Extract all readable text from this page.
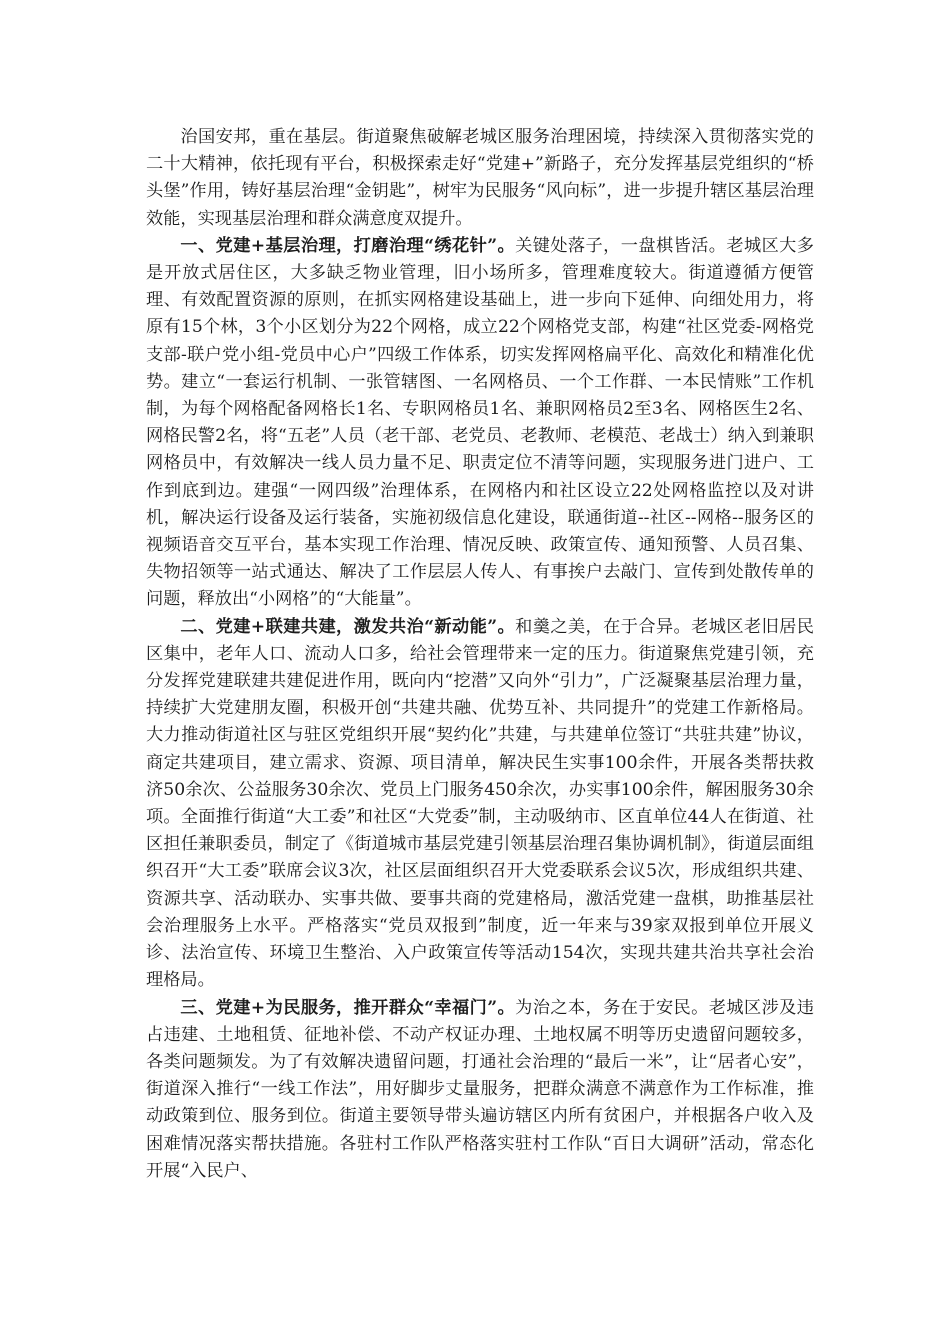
治国安邦，重在基层。街道聚焦破解老城区服务治理困境，持续深入贯彻落实党的二十大精神，依托现有平台，积极探索走好“党建+”新路子，充分发挥基层党组织的“桥头堡”作用，铸好基层治理“金钥匙”，树牢为民服务“风向标”，进一步提升辖区基层治理效能，实现基层治理和群众满意度双提升。

一、党建+基层治理，打磨治理“绣花针”。关键处落子，一盘棋皆活。老城区大多是开放式居住区，大多缺乏物业管理，旧小场所多，管理难度较大。街道遵循方便管理、有效配置资源的原则，在抓实网格建设基础上，进一步向下延伸、向细处用力，将原有15个林，3个小区划分为22个网格，成立22个网格党支部，构建“社区党委-网格党支部-联户党小组-党员中心户”四级工作体系，切实发挥网格扁平化、高效化和精准化优势。建立“一套运行机制、一张管辖图、一名网格员、一个工作群、一本民情账”工作机制，为每个网格配备网格长1名、专职网格员1名、兼职网格员2至3名、网格医生2名、网格民警2名，将“五老”人员（老干部、老党员、老教师、老模范、老战士）纳入到兼职网格员中，有效解决一线人员力量不足、职责定位不清等问题，实现服务进门进户、工作到底到边。建强“一网四级”治理体系，在网格内和社区设立22处网格监控以及对讲机，解决运行设备及运行装备，实施初级信息化建设，联通街道--社区--网格--服务区的视频语音交互平台，基本实现工作治理、情况反映、政策宣传、通知预警、人员召集、失物招领等一站式通达、解决了工作层层人传人、有事挨户去敲门、宣传到处散传单的问题，释放出“小网格”的“大能量”。

二、党建+联建共建，激发共治“新动能”。和羹之美，在于合异。老城区老旧居民区集中，老年人口、流动人口多，给社会管理带来一定的压力。街道聚焦党建引领，充分发挥党建联建共建促进作用，既向内“挖潜”又向外“引力”，广泛凝聚基层治理力量，持续扩大党建朋友圈，积极开创“共建共融、优势互补、共同提升”的党建工作新格局。大力推动街道社区与驻区党组织开展“契约化”共建，与共建单位签订“共驻共建”协议，商定共建项目，建立需求、资源、项目清单，解决民生实事100余件，开展各类帮扶救济50余次、公益服务30余次、党员上门服务450余次，办实事100余件，解困服务30余项。全面推行街道“大工委”和社区“大党委”制，主动吸纳市、区直单位44人在街道、社区担任兼职委员，制定了《街道城市基层党建引领基层治理召集协调机制》，街道层面组织召开“大工委”联席会议3次，社区层面组织召开大党委联系会议5次，形成组织共建、资源共享、活动联办、实事共做、要事共商的党建格局，激活党建一盘棋，助推基层社会治理服务上水平。严格落实“党员双报到”制度，近一年来与39家双报到单位开展义诊、法治宣传、环境卫生整治、入户政策宣传等活动154次，实现共建共治共享社会治理格局。

三、党建+为民服务，推开群众“幸福门”。为治之本，务在于安民。老城区涉及违占违建、土地租赁、征地补偿、不动产权证办理、土地权属不明等历史遗留问题较多，各类问题频发。为了有效解决遗留问题，打通社会治理的“最后一米”，让“居者心安”，街道深入推行“一线工作法”，用好脚步丈量服务，把群众满意不满意作为工作标准，推动政策到位、服务到位。街道主要领导带头遍访辖区内所有贫困户，并根据各户收入及困难情况落实帮扶措施。各驻村工作队严格落实驻村工作队“百日大调研”活动，常态化开展“入民户、
